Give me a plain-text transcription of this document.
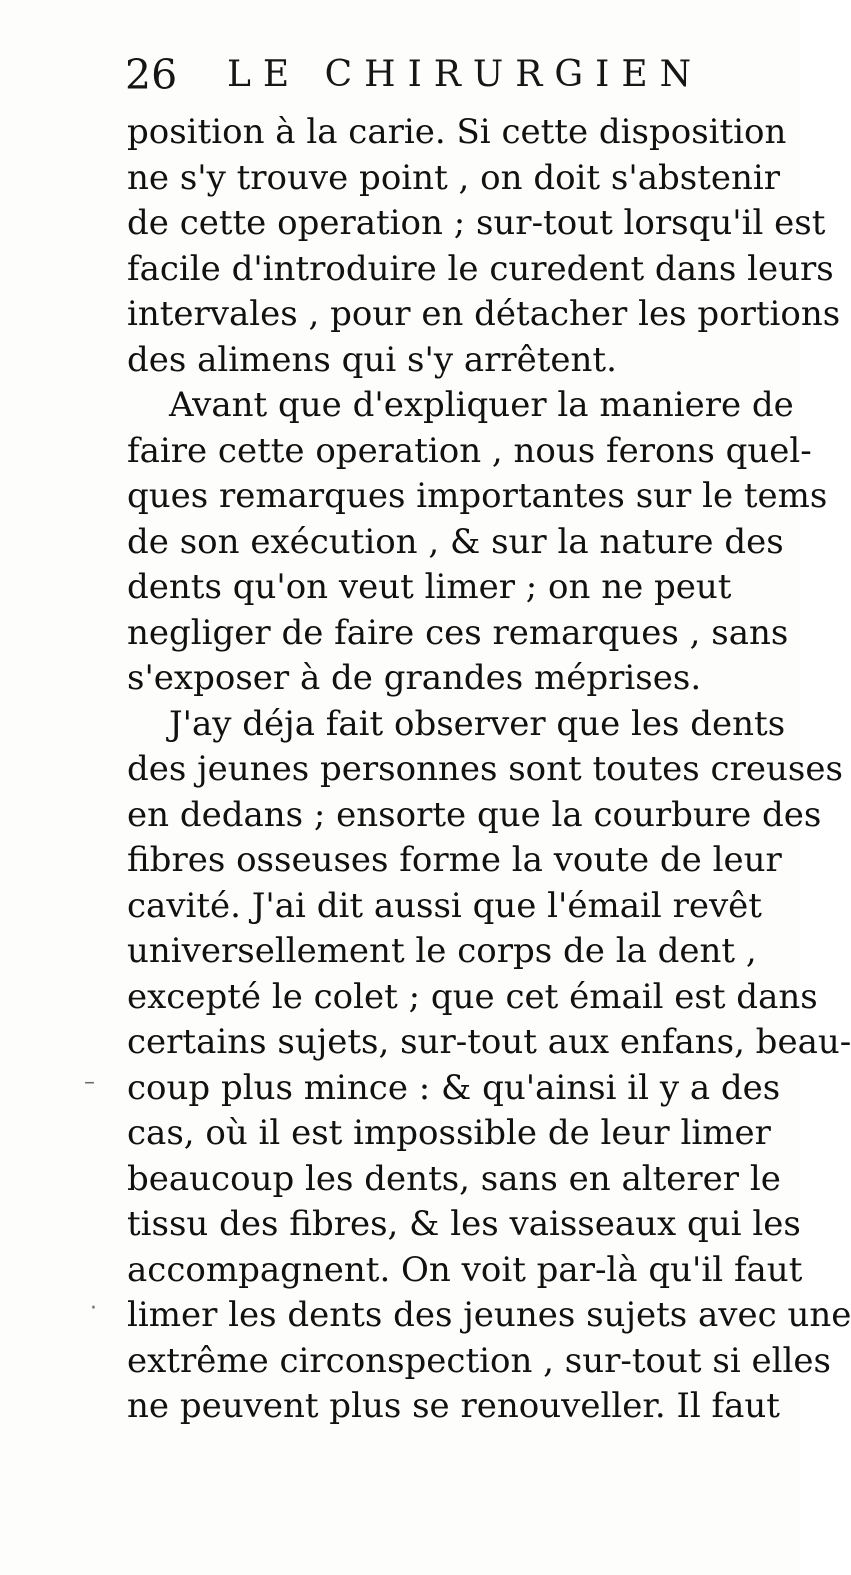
26 LE CHIRURGIEN
position à la carie. Si cette disposition
ne s'y trouve point , on doit s'abstenir
de cette operation ; sur-tout lorsqu'il est
facile d'introduire le curedent dans leurs
intervales , pour en détacher les portions
des alimens qui s'y arrêtent.
Avant que d'expliquer la maniere de
faire cette operation , nous ferons quel-
ques remarques importantes sur le tems
de son exécution , & sur la nature des
dents qu'on veut limer ; on ne peut
negliger de faire ces remarques , sans
s'exposer à de grandes méprises.
J'ay déja fait observer que les dents
des jeunes personnes sont toutes creuses
en dedans ; ensorte que la courbure des
fibres osseuses forme la voute de leur
cavité. J'ai dit aussi que l'émail revêt
universellement le corps de la dent ,
excepté le colet ; que cet émail est dans
certains sujets, sur-tout aux enfans, beau-
coup plus mince : & qu'ainsi il y a des
cas, où il est impossible de leur limer
beaucoup les dents, sans en alterer le
tissu des fibres, & les vaisseaux qui les
accompagnent. On voit par-là qu'il faut
limer les dents des jeunes sujets avec une
extrême circonspection , sur-tout si elles
ne peuvent plus se renouveller. Il faut
–
·
